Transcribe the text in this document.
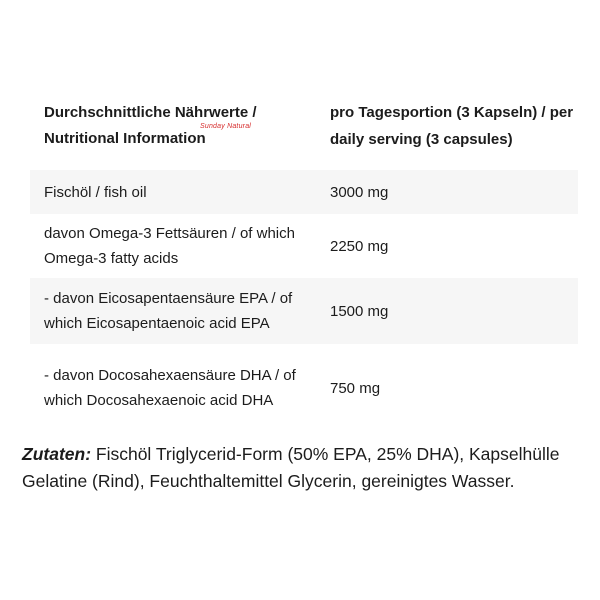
Durchschnittliche Nährwerte / Nutritional Information
Sunday Natural
pro Tagesportion (3 Kapseln) / per daily serving (3 capsules)
Fischöl / fish oil	3000 mg
davon Omega-3 Fettsäuren / of which Omega-3 fatty acids
2250 mg
- davon Eicosapentaensäure EPA / of which Eicosapentaenoic acid EPA
1500 mg
- davon Docosahexaensäure DHA / of which Docosahexaenoic acid DHA
750 mg
Zutaten: Fischöl Triglycerid-Form (50% EPA, 25% DHA), Kapselhülle Gelatine (Rind), Feuchthaltemittel Glycerin, gereinigtes Wasser.
